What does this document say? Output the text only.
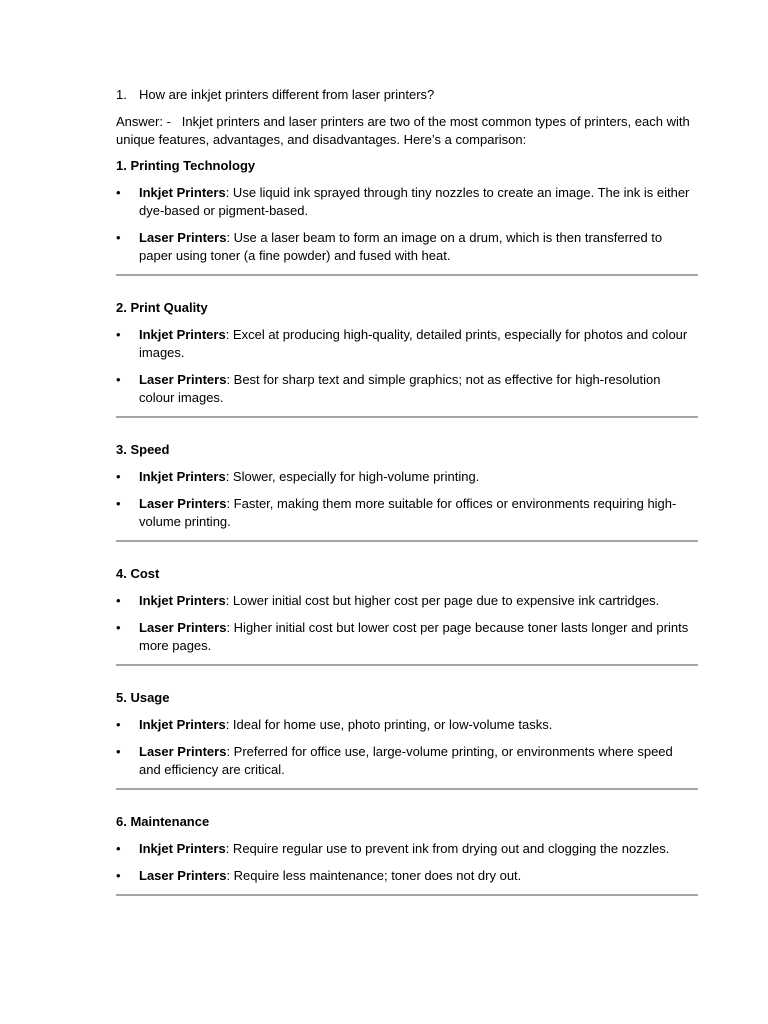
1. How are inkjet printers different from laser printers?

Answer: - Inkjet printers and laser printers are two of the most common types of printers, each with unique features, advantages, and disadvantages. Here’s a comparison:

1. Printing Technology
• Inkjet Printers: Use liquid ink sprayed through tiny nozzles to create an image. The ink is either dye-based or pigment-based.
• Laser Printers: Use a laser beam to form an image on a drum, which is then transferred to paper using toner (a fine powder) and fused with heat.
2. Print Quality
• Inkjet Printers: Excel at producing high-quality, detailed prints, especially for photos and colour images.
• Laser Printers: Best for sharp text and simple graphics; not as effective for high-resolution colour images.
3. Speed
• Inkjet Printers: Slower, especially for high-volume printing.
• Laser Printers: Faster, making them more suitable for offices or environments requiring high-volume printing.
4. Cost
• Inkjet Printers: Lower initial cost but higher cost per page due to expensive ink cartridges.
• Laser Printers: Higher initial cost but lower cost per page because toner lasts longer and prints more pages.
5. Usage
• Inkjet Printers: Ideal for home use, photo printing, or low-volume tasks.
• Laser Printers: Preferred for office use, large-volume printing, or environments where speed and efficiency are critical.
6. Maintenance
• Inkjet Printers: Require regular use to prevent ink from drying out and clogging the nozzles.
• Laser Printers: Require less maintenance; toner does not dry out.
